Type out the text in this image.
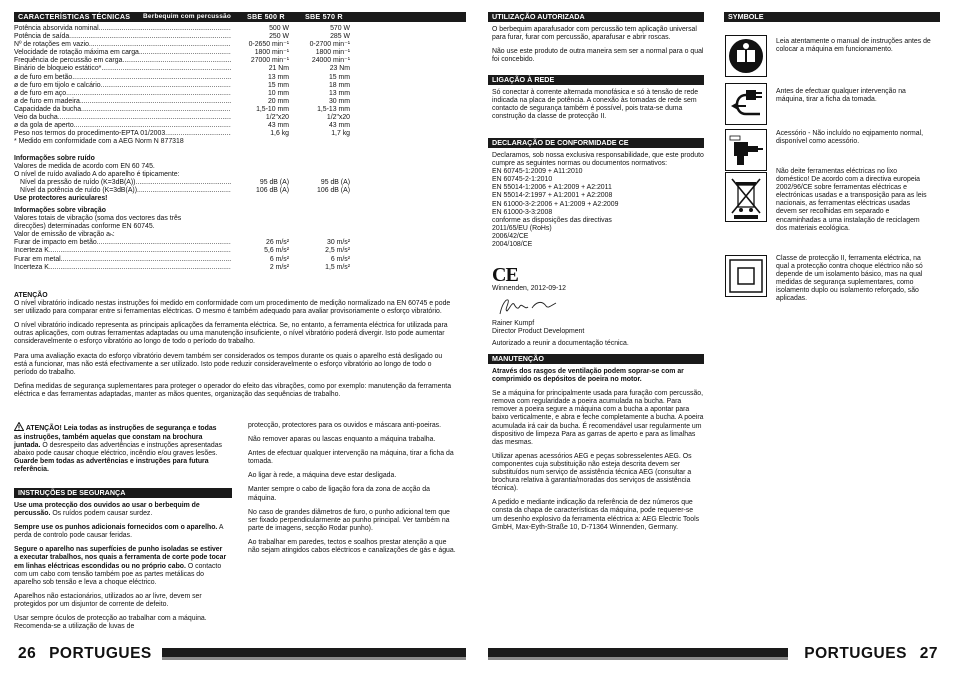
CARACTERÍSTICAS TÉCNICAS	Berbequim com percussão	SBE 500 R	SBE 570 R
Potência absorvida nominal .....	500 W	570 W
Potência de saída .....	250 W	285 W
Nº de rotações em vazio .....	0-2650 min⁻¹	0-2700 min⁻¹
Velocidade de rotação máxima em carga .....	1800 min⁻¹	1800 min⁻¹
Frequência de percussão em carga .....	27000 min⁻¹	24000 min⁻¹
Binário de bloqueio estático* .....	21 Nm	23 Nm
ø de furo em betão .....	13 mm	15 mm
ø de furo em tijolo e calcário .....	15 mm	18 mm
ø de furo em aço .....	10 mm	13 mm
ø de furo em madeira .....	20 mm	30 mm
Capacidade da bucha .....	1,5-10 mm	1,5-13 mm
Veio da bucha .....	1/2"x20	1/2"x20
ø da gola de aperto .....	43 mm	43 mm
Peso nos termos do procedimento-EPTA 01/2003 .....	1,6 kg	1,7 kg
* Medido em conformidade com a AEG Norm N 877318
Informações sobre ruído
Valores de medida de acordo com EN 60 745.
O nível de ruído avaliado A do aparelho é tipicamente:
Nível da pressão de ruído (K=3dB(A)) .....	95 dB (A)	95 dB (A)
Nível da potência de ruído (K=3dB(A)) .....	106 dB (A)	106 dB (A)
Use protectores auriculares!
Informações sobre vibração
Valores totais de vibração (soma dos vectores das três
direcções) determinadas conforme EN 60745.
Valor de emissão de vibração aₕ:
Furar de impacto em betão .....	26 m/s²	30 m/s²
Incerteza K .....	5,6 m/s²	2,5 m/s²
Furar em metal .....	6 m/s²	6 m/s²
Incerteza K .....	2 m/s²	1,5 m/s²
ATENÇÃO

O nível vibratório indicado nestas instruções foi medido em conformidade com um procedimento de medição normalizado na EN 60745 e pode ser utilizado para comparar entre si ferramentas eléctricas. O mesmo é também adequado para avaliar provisoriamente o esforço vibratório.

O nível vibratório indicado representa as principais aplicações da ferramenta eléctrica. Se, no entanto, a ferramenta eléctrica for utilizada para outras aplicações, com outras ferramentas adaptadas ou uma manutenção insuficiente, o nível vibratório poderá divergir. Isto pode aumentar consideravelmente o esforço vibratório ao longo de todo o período do trabalho.

Para uma avaliação exacta do esforço vibratório devem também ser considerados os tempos durante os quais o aparelho está desligado ou está a funcionar, mas não está efectivamente a ser utilizado. Isto pode reduzir consideravelmente o esforço vibratório ao longo de todo o período do trabalho.

Defina medidas de segurança suplementares para proteger o operador do efeito das vibrações, como por exemplo: manutenção da ferramenta eléctrica e das ferramentas adaptadas, manter as mãos quentes, organização das sequências de trabalho.

ATENÇÃO! Leia todas as instruções de segurança e todas as instruções, também aquelas que constam na brochura juntada. O desrespeito das advertências e instruções apresentadas abaixo pode causar choque eléctrico, incêndio e/ou graves lesões.
Guarde bem todas as advertências e instruções para futura referência.
INSTRUÇÕES DE SEGURANÇA

Use uma protecção dos ouvidos ao usar o berbequim de percussão. Os ruídos podem causar surdez.

Sempre use os punhos adicionais fornecidos com o aparelho. A perda de controlo pode causar feridas.

Segure o aparelho nas superfícies de punho isoladas se estiver a executar trabalhos, nos quais a ferramenta de corte pode tocar em linhas eléctricas escondidas ou no próprio cabo. O contacto com um cabo com tensão também poe as partes metálicas do aparelho sob tensão e leva a choque eléctrico.

Aparelhos não estacionários, utilizados ao ar livre, devem ser protegidos por um disjuntor de corrente de defeito.

Usar sempre óculos de protecção ao trabalhar com a máquina. Recomenda-se a utilização de luvas de

protecção, protectores para os ouvidos e máscara anti-poeiras.

Não remover aparas ou lascas enquanto a máquina trabalha.

Antes de efectuar qualquer intervenção na máquina, tirar a ficha da tomada.

Ao ligar à rede, a máquina deve estar desligada.

Manter sempre o cabo de ligação fora da zona de acção da máquina.

No caso de grandes diâmetros de furo, o punho adicional tem que ser fixado perpendicularmente ao punho principal. Ver também na parte de imagens, secção Rodar punho).

Ao trabalhar em paredes, tectos e soalhos prestar atenção a que não sejam atingidos cabos eléctricos e canalizações de gás e água.

26 PORTUGUES
UTILIZAÇÃO AUTORIZADA

O berbequim aparafusador com percussão tem aplicação universal para furar, furar com percussão, aparafusar e abrir roscas.

Não use este produto de outra maneira sem ser a normal para o qual foi concebido.

LIGAÇÃO À REDE

Só conectar à corrente alternada monofásica e só à tensão de rede indicada na placa de potência. A conexão às tomadas de rede sem contacto de segurança também é possível, pois trata-se duma construção da classe de protecção II.

DECLARAÇÃO DE CONFORMIDADE CE
Declaramos, sob nossa exclusiva responsabilidade, que este produto cumpre as seguintes normas ou documentos normativos:
EN 60745-1:2009 + A11:2010
EN 60745-2-1:2010
EN 55014-1:2006 + A1:2009 + A2:2011
EN 55014-2:1997 + A1:2001 + A2:2008
EN 61000-3-2:2006 + A1:2009 + A2:2009
EN 61000-3-3:2008
conforme as disposições das directivas
2011/65/EU (RoHs)
2006/42/CE
2004/108/CE
CE
Winnenden, 2012-09-12
Rainer Kumpf
Director Product Development
Autorizado a reunir a documentação técnica.
MANUTENÇÃO

Através dos rasgos de ventilação podem soprar-se com ar comprimido os depósitos de poeira no motor.

Se a máquina for principalmente usada para furação com percussão, remova com regularidade a poeira acumulada na bucha. Para remover a poeira segure a máquina com a bucha a apontar para baixo verticalmente, e abra e feche completamente a bucha. A poeira acumulada irá cair da bucha. É recomendável usar regularmente um dispositivo de limpeza Para as garras de aperto e para as limalhas das mesmas.

Utilizar apenas acessórios AEG e peças sobresselentes AEG. Os componentes cuja substituição não esteja descrita devem ser substituídos num serviço de assistência técnica AEG (consultar a brochura relativa à garantia/moradas dos serviços de assistência técnica).

A pedido e mediante indicação da referência de dez números que consta da chapa de características da máquina, pode requerer-se um desenho explosivo da ferramenta eléctrica a: AEG Electric Tools GmbH, Max-Eyth-Straße 10, D-71364 Winnenden, Germany.

SYMBOLE
Leia atentamente o manual de instruções antes de colocar a máquina em funcionamento.
Antes de efectuar qualquer intervenção na máquina, tirar a ficha da tomada.
Acessório - Não incluído no eqipamento normal, disponível como acessório.
Não deite ferramentas eléctricas no lixo doméstico! De acordo com a directiva europeia 2002/96/CE sobre ferramentas eléctricas e electrónicas usadas e a transposição para as leis nacionais, as ferramentas eléctricas usadas devem ser recolhidas em separado e encaminhadas a uma instalação de reciclagem dos materiais ecológica.
Classe de protecção II, ferramenta eléctrica, na qual a protecção contra choque eléctrico não só depende de um isolamento básico, mas na qual medidas de segurança suplementares, como isolamento duplo ou isolamento reforçado, são aplicadas.
PORTUGUES 27
